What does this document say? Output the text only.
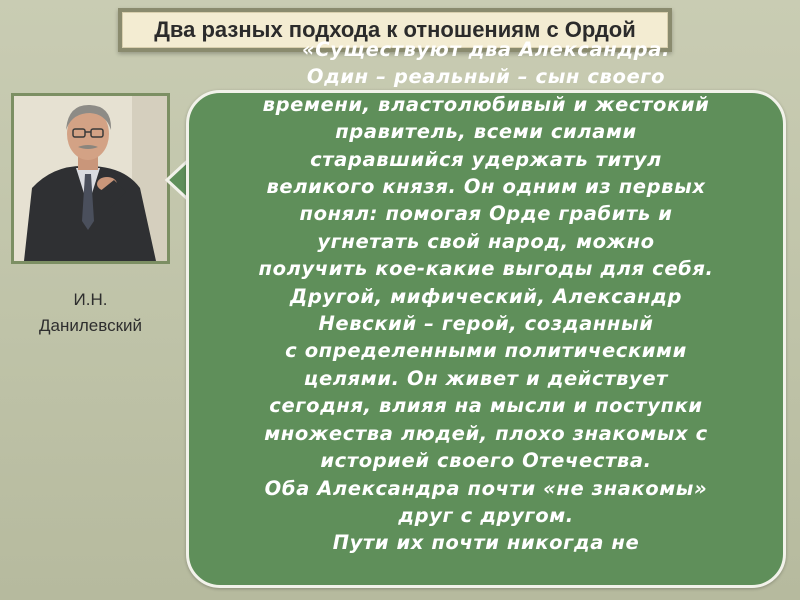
И.Н.
Данилевский
Два разных подхода к отношениям с Ордой

«Существуют два Александра.

Один – реальный – сын своего

времени, властолюбивый и жестокий

правитель, всеми силами

старавшийся удержать титул

великого князя. Он одним из первых

понял: помогая Орде грабить и

угнетать свой народ, можно

получить кое-какие выгоды для себя.

Другой, мифический, Александр

Невский – герой, созданный

с определенными политическими

целями. Он живет и действует

сегодня, влияя на мысли и поступки

множества людей, плохо знакомых с

историей своего Отечества.

Оба Александра почти «не знакомы»

друг с другом.

Пути их почти никогда не
